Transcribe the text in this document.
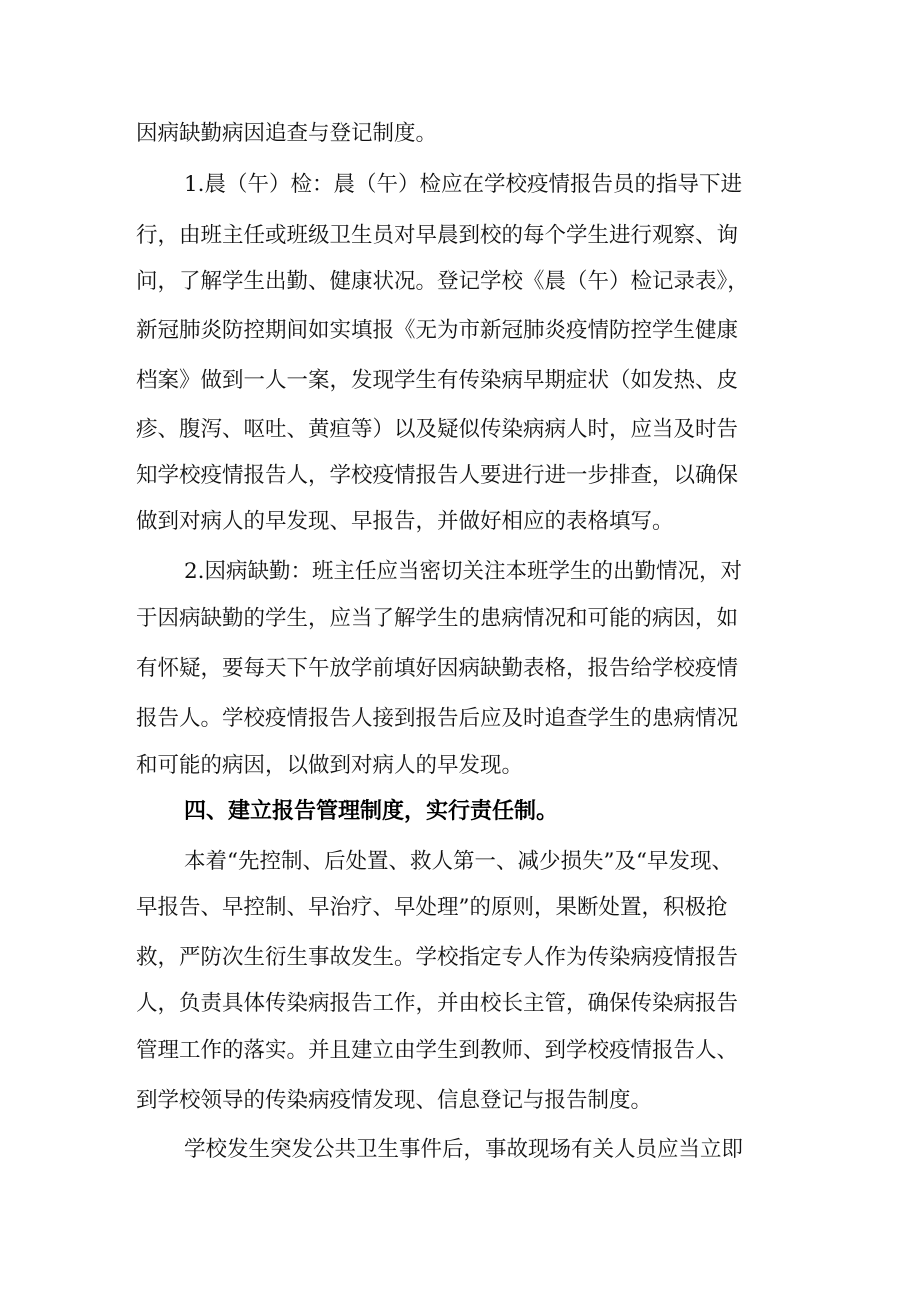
因病缺勤病因追查与登记制度。
1.晨（午）检：晨（午）检应在学校疫情报告员的指导下进
行，由班主任或班级卫生员对早晨到校的每个学生进行观察、询
问，了解学生出勤、健康状况。登记学校《晨（午）检记录表》，
新冠肺炎防控期间如实填报《无为市新冠肺炎疫情防控学生健康
档案》做到一人一案，发现学生有传染病早期症状（如发热、皮
疹、腹泻、呕吐、黄疸等）以及疑似传染病病人时，应当及时告
知学校疫情报告人，学校疫情报告人要进行进一步排查，以确保
做到对病人的早发现、早报告，并做好相应的表格填写。
2.因病缺勤：班主任应当密切关注本班学生的出勤情况，对
于因病缺勤的学生，应当了解学生的患病情况和可能的病因，如
有怀疑，要每天下午放学前填好因病缺勤表格，报告给学校疫情
报告人。学校疫情报告人接到报告后应及时追查学生的患病情况
和可能的病因，以做到对病人的早发现。
四、建立报告管理制度，实行责任制。
本着“先控制、后处置、救人第一、减少损失”及“早发现、
早报告、早控制、早治疗、早处理”的原则，果断处置，积极抢
救，严防次生衍生事故发生。学校指定专人作为传染病疫情报告
人，负责具体传染病报告工作，并由校长主管，确保传染病报告
管理工作的落实。并且建立由学生到教师、到学校疫情报告人、
到学校领导的传染病疫情发现、信息登记与报告制度。
学校发生突发公共卫生事件后，事故现场有关人员应当立即
